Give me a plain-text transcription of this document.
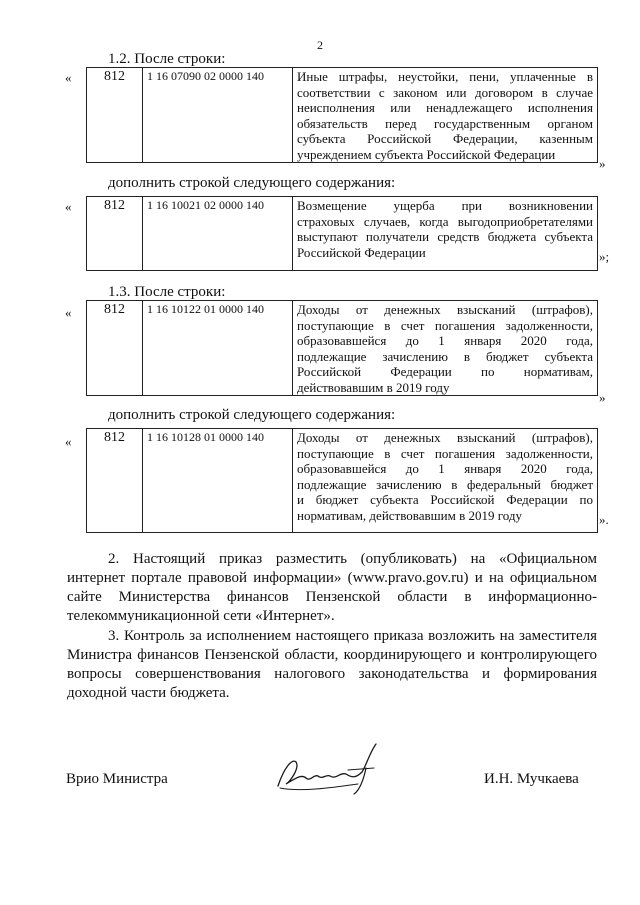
2
1.2. После строки:
« 812	1 16 07090 02 0000 140	Иные штрафы, неустойки, пени, уплаченные в
соответствии с законом или договором в случае
неисполнения или ненадлежащего исполнения
обязательств перед государственным органом
субъекта Российской Федерации, казенным
учреждением субъекта Российской Федерации
»
дополнить строкой следующего содержания:
« 812	1 16 10021 02 0000 140	Возмещение ущерба при возникновении
страховых случаев, когда выгодоприобретателями
выступают получатели средств бюджета субъекта
Российской Федерации	»;
1.3. После строки:
« 812	1 16 10122 01 0000 140	Доходы от денежных взысканий (штрафов),
поступающие в счет погашения задолженности,
образовавшейся до 1 января 2020 года,
подлежащие зачислению в бюджет субъекта
Российской Федерации по нормативам,
действовавшим в 2019 году
»
дополнить строкой следующего содержания:
« 812	1 16 10128 01 0000 140	Доходы от денежных взысканий (штрафов),
поступающие в счет погашения задолженности,
образовавшейся до 1 января 2020 года,
подлежащие зачислению в федеральный бюджет
и бюджет субъекта Российской Федерации по
нормативам, действовавшим в 2019 году	».
2. Настоящий приказ разместить (опубликовать) на «Официальном интернет портале правовой информации» (www.pravo.gov.ru) и на официальном сайте Министерства финансов Пензенской области в информационно-телекоммуникационной сети «Интернет».
3. Контроль за исполнением настоящего приказа возложить на заместителя Министра финансов Пензенской области, координирующего и контролирующего вопросы совершенствования налогового законодательства и формирования доходной части бюджета.
Врио Министра	И.Н. Мучкаева
